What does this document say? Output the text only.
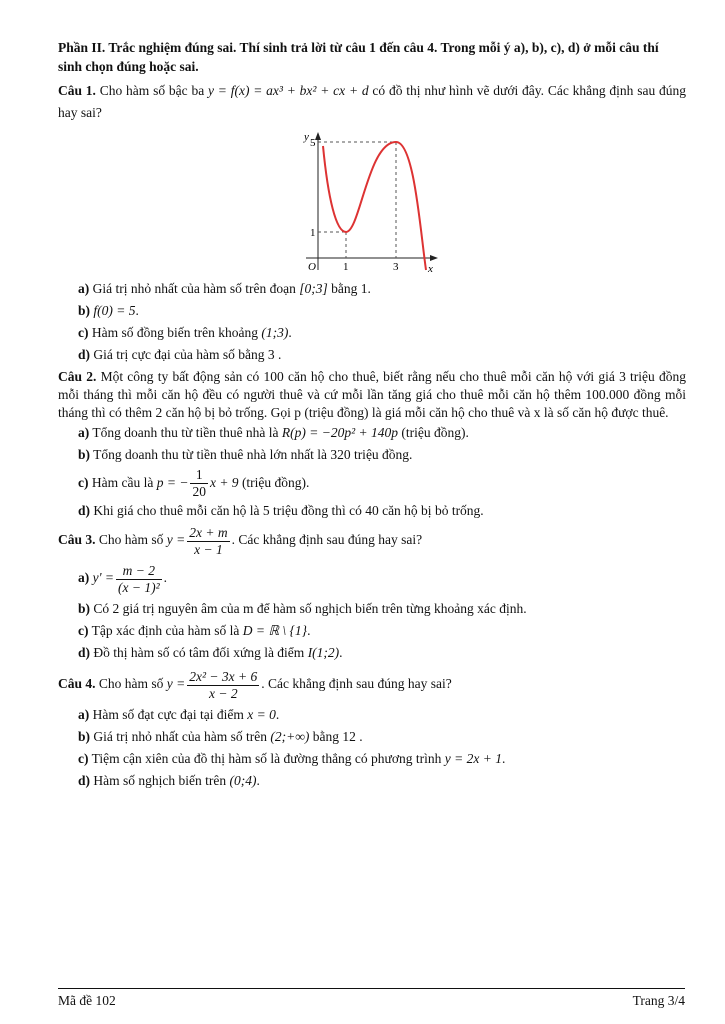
Phần II. Trắc nghiệm đúng sai. Thí sinh trả lời từ câu 1 đến câu 4. Trong mỗi ý a), b), c), d) ở mỗi câu thí sinh chọn đúng hoặc sai.

Câu 1. Cho hàm số bậc ba y = f(x) = ax³ + bx² + cx + d có đồ thị như hình vẽ dưới đây. Các khẳng định sau đúng hay sai?

y
x
O
5
1
1	3

a) Giá trị nhỏ nhất của hàm số trên đoạn [0;3] bằng 1.

b) f(0) = 5.

c) Hàm số đồng biến trên khoảng (1;3).

d) Giá trị cực đại của hàm số bằng 3 .

Câu 2. Một công ty bất động sản có 100 căn hộ cho thuê, biết rằng nếu cho thuê mỗi căn hộ với giá 3 triệu đồng mỗi tháng thì mỗi căn hộ đều có người thuê và cứ mỗi lần tăng giá cho thuê mỗi căn hộ thêm 100.000 đồng mỗi tháng thì có thêm 2 căn hộ bị bỏ trống. Gọi p (triệu đồng) là giá mỗi căn hộ cho thuê và x là số căn hộ được thuê.

a) Tổng doanh thu từ tiền thuê nhà là R(p) = −20p² + 140p (triệu đồng).

b) Tổng doanh thu từ tiền thuê nhà lớn nhất là 320 triệu đồng.

c) Hàm cầu là p = − $\frac{1}{20}$ x + 9 (triệu đồng).

d) Khi giá cho thuê mỗi căn hộ là 5 triệu đồng thì có 40 căn hộ bị bỏ trống.

Câu 3. Cho hàm số $y = \frac{2x + m}{x - 1}$ . Các khẳng định sau đúng hay sai?

a) $y' = \frac{m - 2}{\text{(x − 1)²}}$ .

b) Có 2 giá trị nguyên âm của m để hàm số nghịch biến trên từng khoảng xác định.

c) Tập xác định của hàm số là D = ℝ \ {1}.

d) Đồ thị hàm số có tâm đối xứng là điểm I(1;2).

Câu 4. Cho hàm số $y = \frac{\text{2x² − 3x + 6}}{x - 2}$ . Các khẳng định sau đúng hay sai?

a) Hàm số đạt cực đại tại điểm x = 0.

b) Giá trị nhỏ nhất của hàm số trên (2;+∞) bằng 12 .

c) Tiệm cận xiên của đồ thị hàm số là đường thẳng có phương trình y = 2x + 1.

d) Hàm số nghịch biến trên (0;4).

Mã đề 102	Trang 3/4
